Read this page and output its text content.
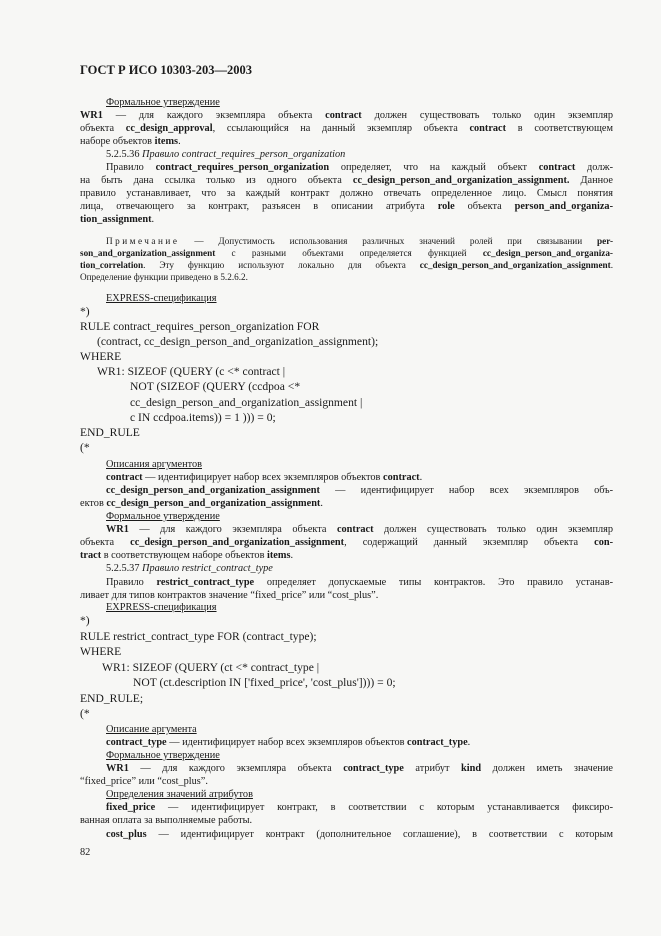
ГОСТ Р ИСО 10303-203—2003
Формальное утверждение
WR1 — для каждого экземпляра объекта contract должен существовать только один экземпляр
объекта cc_design_approval, ссылающийся на данный экземпляр объекта contract в соответствующем
наборе объектов items.
5.2.5.36 Правило contract_requires_person_organization
Правило contract_requires_person_organization определяет, что на каждый объект contract долж-
на быть дана ссылка только из одного объекта cc_design_person_and_organization_assignment. Данное
правило устанавливает, что за каждый контракт должно отвечать определенное лицо. Смысл понятия
лица, отвечающего за контракт, разъясен в описании атрибута role объекта person_and_organiza-
tion_assignment.
Примечание — Допустимость использования различных значений ролей при связывании per-
son_and_organization_assignment с разными объектами определяется функцией cc_design_person_and_organiza-
tion_correlation. Эту функцию используют локально для объекта cc_design_person_and_organization_assignment.
Определение функции приведено в 5.2.6.2.
EXPRESS-спецификация
*)
RULE contract_requires_person_organization FOR
(contract, cc_design_person_and_organization_assignment);
WHERE
WR1: SIZEOF (QUERY (c <* contract |
NOT (SIZEOF (QUERY (ccdpoa <*
cc_design_person_and_organization_assignment |
c IN ccdpoa.items)) = 1 ))) = 0;
END_RULE
(*
Описания аргументов
contract — идентифицирует набор всех экземпляров объектов contract.
cc_design_person_and_organization_assignment — идентифицирует набор всех экземпляров объ-
ектов cc_design_person_and_organization_assignment.
Формальное утверждение
WR1 — для каждого экземпляра объекта contract должен существовать только один экземпляр
объекта cc_design_person_and_organization_assignment, содержащий данный экземпляр объекта con-
tract в соответствующем наборе объектов items.
5.2.5.37 Правило restrict_contract_type
Правило restrict_contract_type определяет допускаемые типы контрактов. Это правило устанав-
ливает для типов контрактов значение “fixed_price” или “cost_plus”.
EXPRESS-спецификация
*)
RULE restrict_contract_type FOR (contract_type);
WHERE
WR1: SIZEOF (QUERY (ct <* contract_type |
NOT (ct.description IN ['fixed_price', 'cost_plus']))) = 0;
END_RULE;
(*
Описание аргумента
contract_type — идентифицирует набор всех экземпляров объектов contract_type.
Формальное утверждение
WR1 — для каждого экземпляра объекта contract_type атрибут kind должен иметь значение
“fixed_price” или “cost_plus”.
Определения значений атрибутов
fixed_price — идентифицирует контракт, в соответствии с которым устанавливается фиксиро-
ванная оплата за выполняемые работы.
cost_plus — идентифицирует контракт (дополнительное соглашение), в соответствии с которым
82
